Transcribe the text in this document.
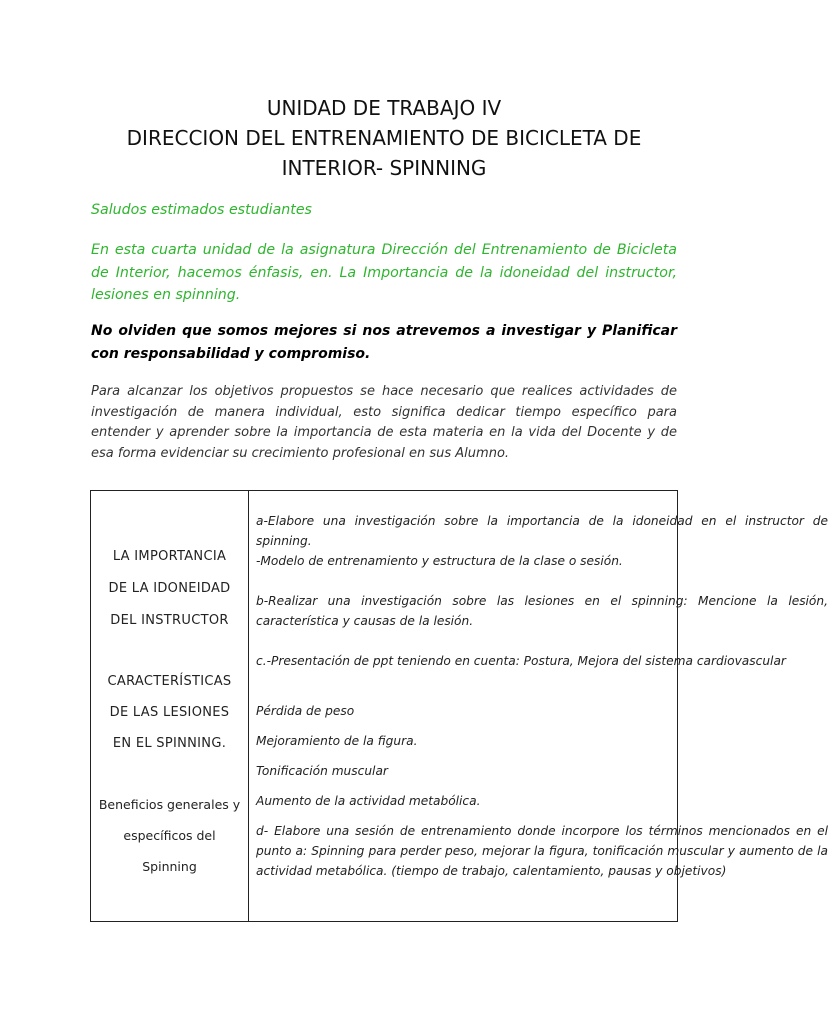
UNIDAD DE TRABAJO IV
DIRECCION DEL ENTRENAMIENTO DE BICICLETA DE
INTERIOR- SPINNING

Saludos estimados estudiantes

En esta cuarta unidad de la asignatura Dirección del Entrenamiento de Bicicleta de Interior, hacemos énfasis, en. La Importancia de la idoneidad del instructor, lesiones en spinning.

No olviden que somos mejores si nos atrevemos a investigar y Planificar con responsabilidad y compromiso.

Para alcanzar los objetivos propuestos se hace necesario que realices actividades de investigación de manera individual, esto significa dedicar tiempo específico para entender y aprender sobre la importancia de esta materia en la vida del Docente y de esa forma evidenciar su crecimiento profesional en sus Alumno.

LA IMPORTANCIA
DE LA IDONEIDAD
DEL INSTRUCTOR
CARACTERÍSTICAS
DE LAS LESIONES
EN EL SPINNING.
Beneficios generales y
específicos del
Spinning

a-Elabore una investigación sobre la importancia de la idoneidad en el instructor de spinning.

-Modelo de entrenamiento y estructura de la clase o sesión.

b-Realizar una investigación sobre las lesiones en el spinning: Mencione la lesión, característica y causas de la lesión.

c.-Presentación de ppt teniendo en cuenta: Postura, Mejora del sistema cardiovascular

Pérdida de peso

Mejoramiento de la figura.

Tonificación muscular

Aumento de la actividad metabólica.

d- Elabore una sesión de entrenamiento donde incorpore los términos mencionados en el punto a: Spinning para perder peso, mejorar la figura, tonificación muscular y aumento de la actividad metabólica. (tiempo de trabajo, calentamiento, pausas y objetivos)
